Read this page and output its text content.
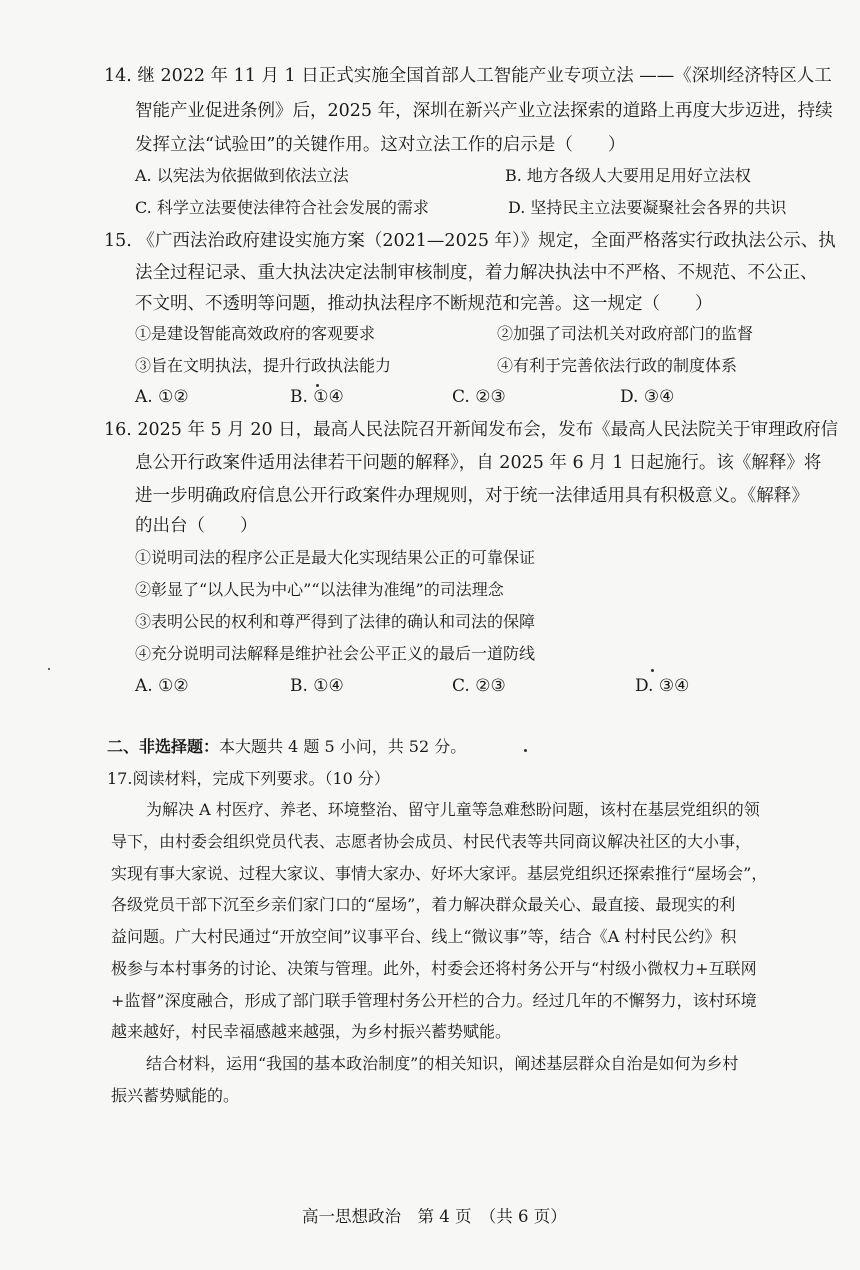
14. 继 2022 年 11 月 1 日正式实施全国首部人工智能产业专项立法 ——《深圳经济特区人工
智能产业促进条例》后，2025 年，深圳在新兴产业立法探索的道路上再度大步迈进，持续
发挥立法“试验田”的关键作用。这对立法工作的启示是（　　）
A. 以宪法为依据做到依法立法	B. 地方各级人大要用足用好立法权
C. 科学立法要使法律符合社会发展的需求	D. 坚持民主立法要凝聚社会各界的共识
15. 《广西法治政府建设实施方案（2021—2025 年）》规定，全面严格落实行政执法公示、执
法全过程记录、重大执法决定法制审核制度，着力解决执法中不严格、不规范、不公正、
不文明、不透明等问题，推动执法程序不断规范和完善。这一规定（　　）
①是建设智能高效政府的客观要求	②加强了司法机关对政府部门的监督
③旨在文明执法，提升行政执法能力	④有利于完善依法行政的制度体系
A. ①②	B. ①④	C. ②③	D. ③④
16. 2025 年 5 月 20 日，最高人民法院召开新闻发布会，发布《最高人民法院关于审理政府信
息公开行政案件适用法律若干问题的解释》，自 2025 年 6 月 1 日起施行。该《解释》将
进一步明确政府信息公开行政案件办理规则，对于统一法律适用具有积极意义。《解释》
的出台（　　）
①说明司法的程序公正是最大化实现结果公正的可靠保证
②彰显了“以人民为中心”“以法律为准绳”的司法理念
③表明公民的权利和尊严得到了法律的确认和司法的保障
④充分说明司法解释是维护社会公平正义的最后一道防线
A. ①②	B. ①④	C. ②③	D. ③④
二、非选择题：本大题共 4 题 5 小问，共 52 分。
17.阅读材料，完成下列要求。（10 分）
为解决 A 村医疗、养老、环境整治、留守儿童等急难愁盼问题，该村在基层党组织的领
导下，由村委会组织党员代表、志愿者协会成员、村民代表等共同商议解决社区的大小事，
实现有事大家说、过程大家议、事情大家办、好坏大家评。基层党组织还探索推行“屋场会”，
各级党员干部下沉至乡亲们家门口的“屋场”，着力解决群众最关心、最直接、最现实的利
益问题。广大村民通过“开放空间”议事平台、线上“微议事”等，结合《A 村村民公约》积
极参与本村事务的讨论、决策与管理。此外，村委会还将村务公开与“村级小微权力+互联网
+监督”深度融合，形成了部门联手管理村务公开栏的合力。经过几年的不懈努力，该村环境
越来越好，村民幸福感越来越强，为乡村振兴蓄势赋能。
结合材料，运用“我国的基本政治制度”的相关知识，阐述基层群众自治是如何为乡村
振兴蓄势赋能的。
高一思想政治　第 4 页　（共 6 页）
